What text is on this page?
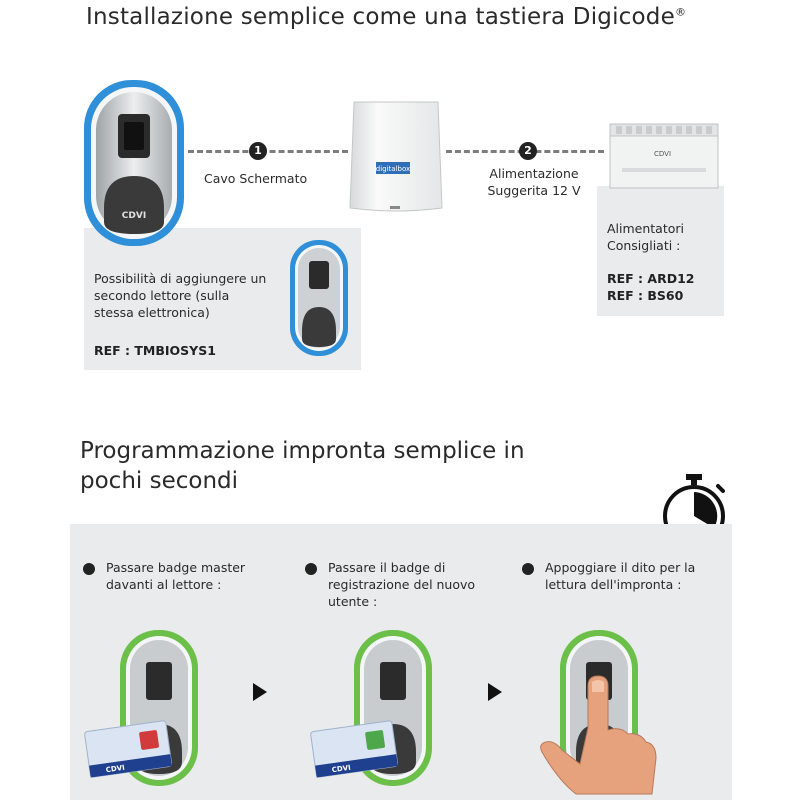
Installazione semplice come una tastiera Digicode®
Possibilità di aggiungere un secondo lettore (sulla stessa elettronica)
REF : TMBIOSYS1
Alimentatori Consigliati :
REF : ARD12
REF : BS60
CDVI
1
Cavo Schermato
digitalbox
2
Alimentazione Suggerita 12 V
CDVI
Programmazione impronta semplice in pochi secondi
Passare badge master davanti al lettore :
Passare il badge di registrazione del nuovo utente :
Appoggiare il dito per la lettura dell'impronta :
CDVI	CDVI
